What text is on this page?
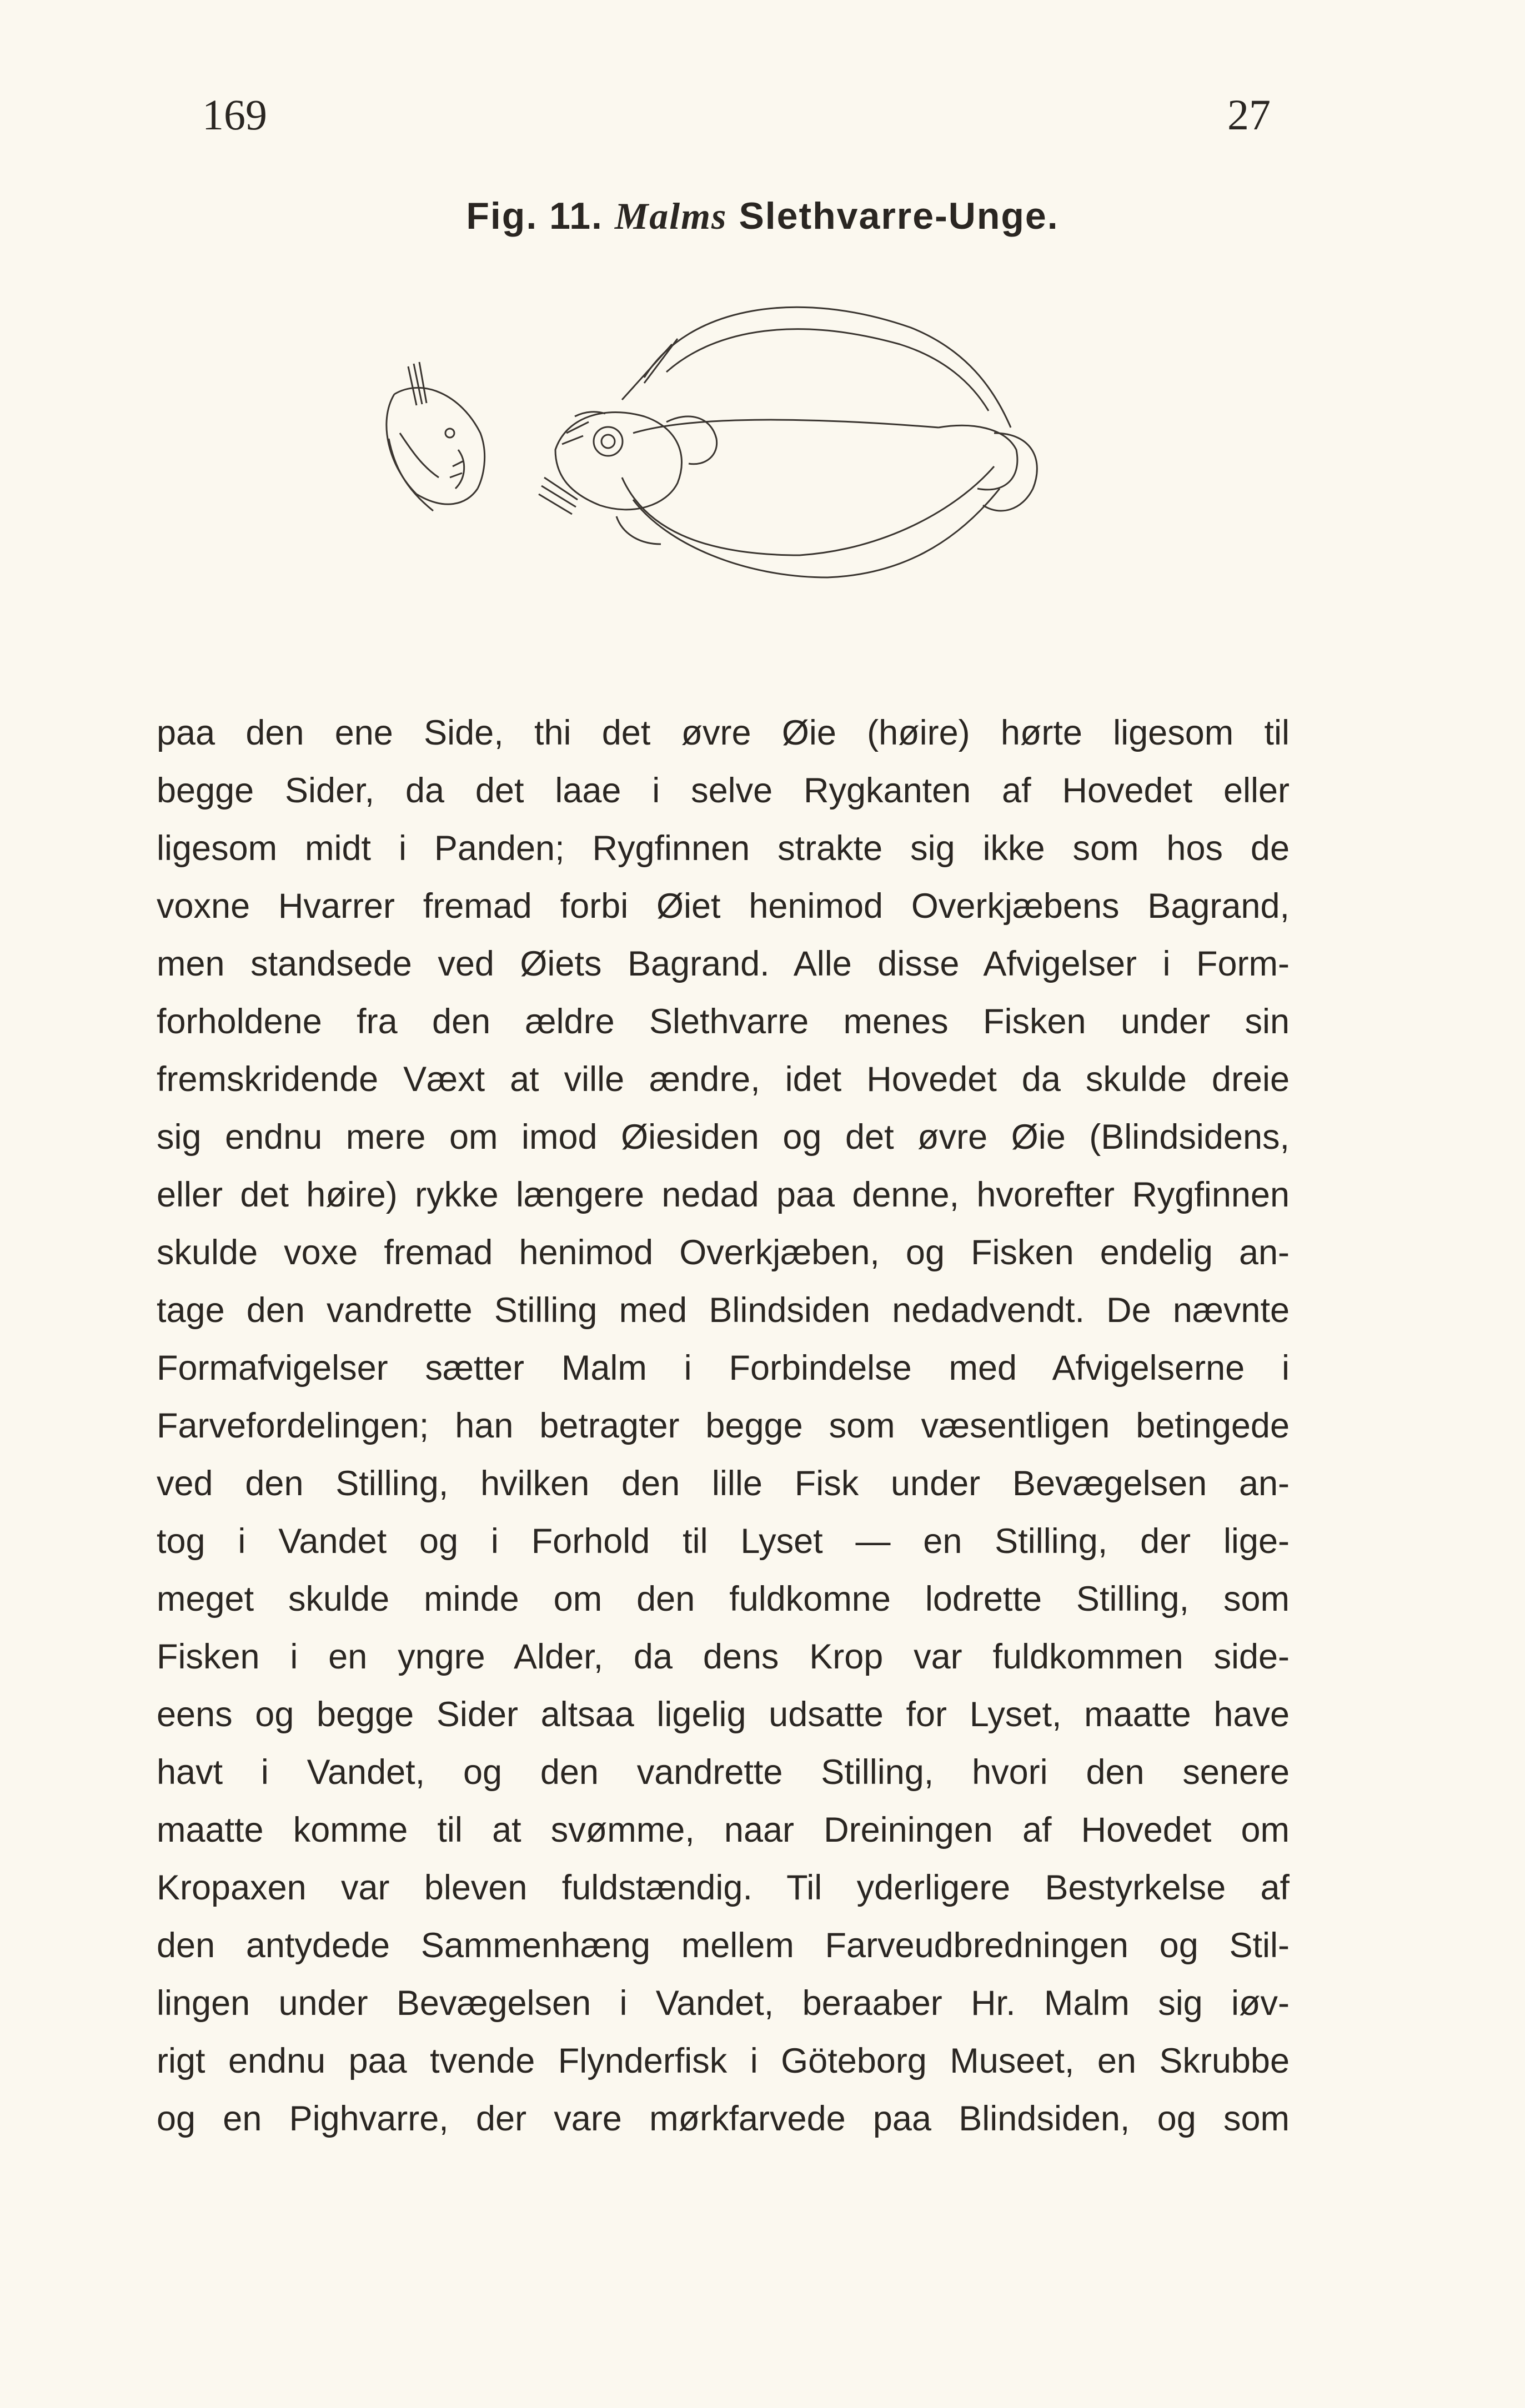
169	27
Fig. 11. Malms Slethvarre-Unge.
paa den ene Side, thi det øvre Øie (høire) hørte ligesom til
begge Sider, da det laae i selve Rygkanten af Hovedet eller
ligesom midt i Panden; Rygfinnen strakte sig ikke som hos de
voxne Hvarrer fremad forbi Øiet henimod Overkjæbens Bagrand,
men standsede ved Øiets Bagrand. Alle disse Afvigelser i Form-
forholdene fra den ældre Slethvarre menes Fisken under sin
fremskridende Væxt at ville ændre, idet Hovedet da skulde dreie
sig endnu mere om imod Øiesiden og det øvre Øie (Blindsidens,
eller det høire) rykke længere nedad paa denne, hvorefter Rygfinnen
skulde voxe fremad henimod Overkjæben, og Fisken endelig an-
tage den vandrette Stilling med Blindsiden nedadvendt. De nævnte
Formafvigelser sætter Malm i Forbindelse med Afvigelserne i
Farvefordelingen; han betragter begge som væsentligen betingede
ved den Stilling, hvilken den lille Fisk under Bevægelsen an-
tog i Vandet og i Forhold til Lyset — en Stilling, der lige-
meget skulde minde om den fuldkomne lodrette Stilling, som
Fisken i en yngre Alder, da dens Krop var fuldkommen side-
eens og begge Sider altsaa ligelig udsatte for Lyset, maatte have
havt i Vandet, og den vandrette Stilling, hvori den senere
maatte komme til at svømme, naar Dreiningen af Hovedet om
Kropaxen var bleven fuldstændig. Til yderligere Bestyrkelse af
den antydede Sammenhæng mellem Farveudbredningen og Stil-
lingen under Bevægelsen i Vandet, beraaber Hr. Malm sig iøv-
rigt endnu paa tvende Flynderfisk i Göteborg Museet, en Skrubbe
og en Pighvarre, der vare mørkfarvede paa Blindsiden, og som
